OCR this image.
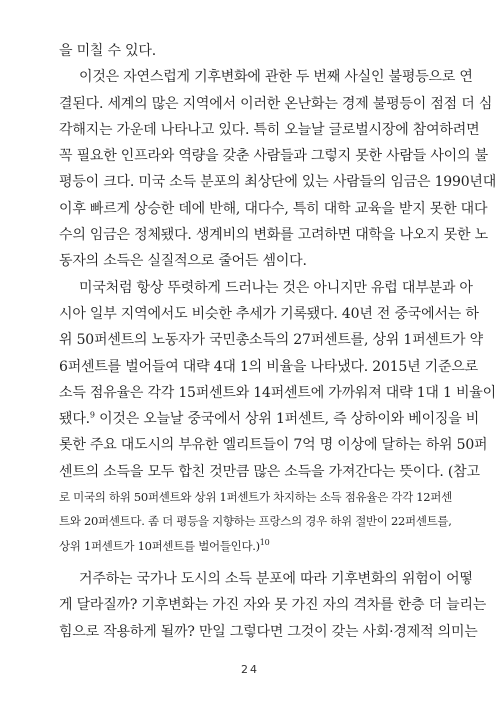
을 미칠 수 있다.
이것은 자연스럽게 기후변화에 관한 두 번째 사실인 불평등으로 연
결된다. 세계의 많은 지역에서 이러한 온난화는 경제 불평등이 점점 더 심
각해지는 가운데 나타나고 있다. 특히 오늘날 글로벌시장에 참여하려면
꼭 필요한 인프라와 역량을 갖춘 사람들과 그렇지 못한 사람들 사이의 불
평등이 크다. 미국 소득 분포의 최상단에 있는 사람들의 임금은 1990년대
이후 빠르게 상승한 데에 반해, 대다수, 특히 대학 교육을 받지 못한 대다
수의 임금은 정체됐다. 생계비의 변화를 고려하면 대학을 나오지 못한 노
동자의 소득은 실질적으로 줄어든 셈이다.
미국처럼 항상 뚜렷하게 드러나는 것은 아니지만 유럽 대부분과 아
시아 일부 지역에서도 비슷한 추세가 기록됐다. 40년 전 중국에서는 하
위 50퍼센트의 노동자가 국민총소득의 27퍼센트를, 상위 1퍼센트가 약
6퍼센트를 벌어들여 대략 4대 1의 비율을 나타냈다. 2015년 기준으로
소득 점유율은 각각 15퍼센트와 14퍼센트에 가까워져 대략 1대 1 비율이
됐다.$^9$ 이것은 오늘날 중국에서 상위 1퍼센트, 즉 상하이와 베이징을 비
롯한 주요 대도시의 부유한 엘리트들이 7억 명 이상에 달하는 하위 50퍼
센트의 소득을 모두 합친 것만큼 많은 소득을 가져간다는 뜻이다. (참고
로 미국의 하위 50퍼센트와 상위 1퍼센트가 차지하는 소득 점유율은 각각 12퍼센
트와 20퍼센트다. 좀 더 평등을 지향하는 프랑스의 경우 하위 절반이 22퍼센트를,
상위 1퍼센트가 10퍼센트를 벌어들인다.)$^{10}$
거주하는 국가나 도시의 소득 분포에 따라 기후변화의 위험이 어떻
게 달라질까? 기후변화는 가진 자와 못 가진 자의 격차를 한층 더 늘리는
힘으로 작용하게 될까? 만일 그렇다면 그것이 갖는 사회·경제적 의미는
24
